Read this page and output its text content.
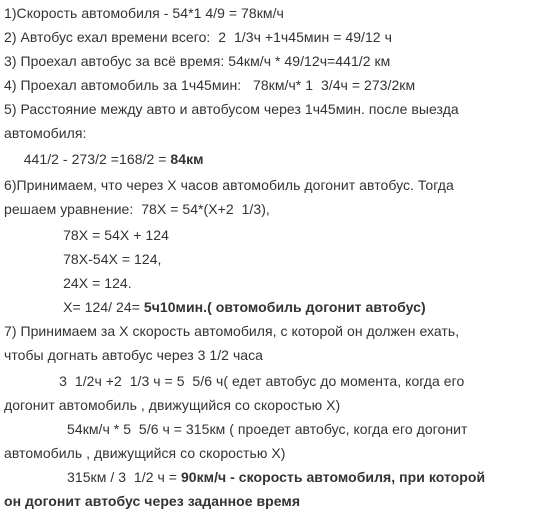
1)Скорость автомобиля - 54*1 4/9 = 78км/ч
2) Автобус ехал времени всего:  2  1/3ч +1ч45мин = 49/12 ч
3) Проехал автобус за всё время: 54км/ч * 49/12ч=441/2 км
4) Проехал автомобиль за 1ч45мин:   78км/ч* 1  3/4ч = 273/2км
5) Расстояние между авто и автобусом через 1ч45мин. после выезда
автомобиля:
441/2 - 273/2 =168/2 = 84км
6)Принимаем, что через Х часов автомобиль догонит автобус. Тогда
решаем уравнение:  78Х = 54*(Х+2  1/3),
78Х = 54Х + 124
78Х-54Х = 124,
24Х = 124.
Х= 124/ 24= 5ч10мин.( овтомобиль догонит автобус)
7) Принимаем за Х скорость автомобиля, с которой он должен ехать,
чтобы догнать автобус через 3 1/2 часа
3  1/2ч +2  1/3 ч = 5  5/6 ч( едет автобус до момента, когда его
догонит автомобиль , движущийся со скоростью Х)
54км/ч * 5  5/6 ч = 315км ( проедет автобус, когда его догонит
автомобиль , движущийся со скоростью Х)
315км / 3  1/2 ч = 90км/ч - скорость автомобиля, при которой
он догонит автобус через заданное время
